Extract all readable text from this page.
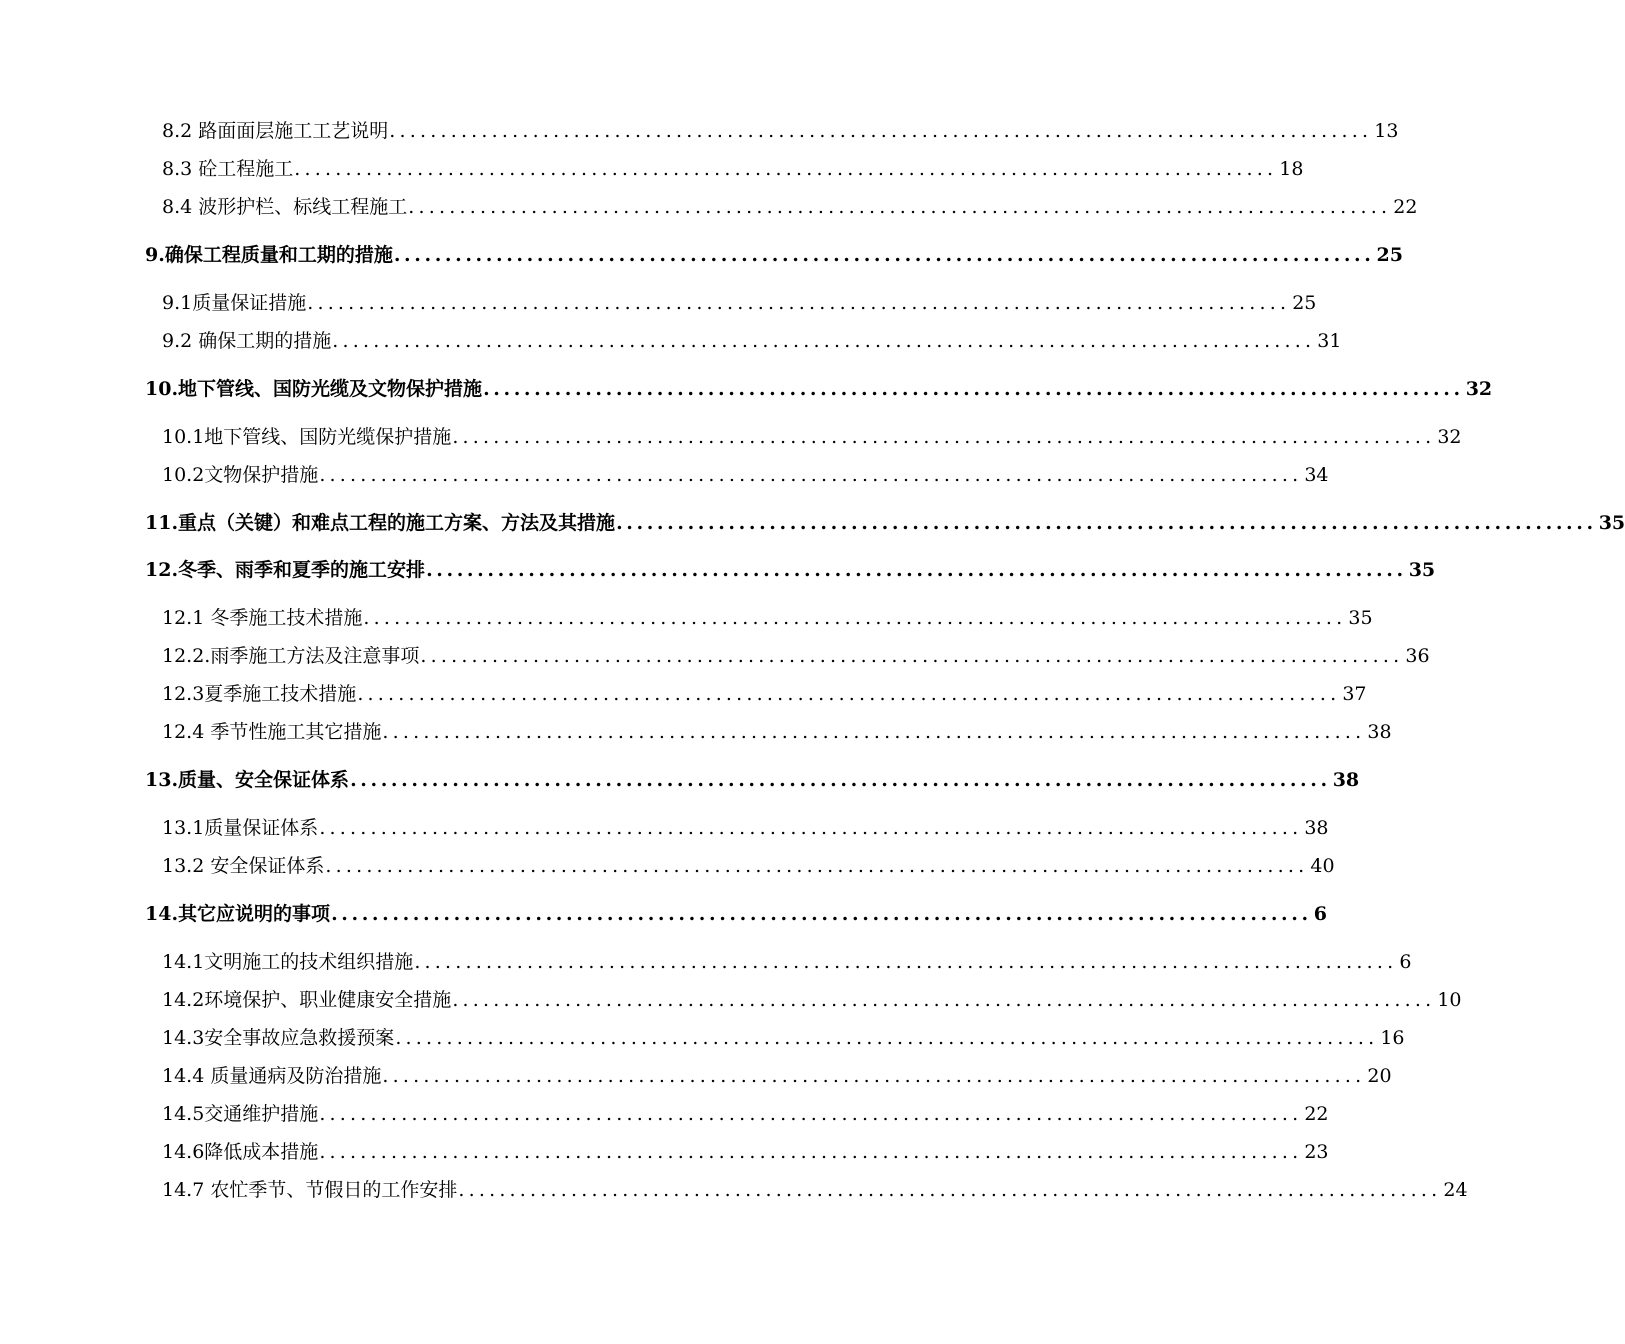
8.2 路面面层施工工艺说明 ................................................................................................ 13
8.3 砼工程施工 ................................................................................................ 18
8.4 波形护栏、标线工程施工 ................................................................................................ 22
9.确保工程质量和工期的措施 ................................................................................................ 25
9.1质量保证措施 ................................................................................................ 25
9.2 确保工期的措施 ................................................................................................ 31
10.地下管线、国防光缆及文物保护措施 ................................................................................................ 32
10.1地下管线、国防光缆保护措施 ................................................................................................ 32
10.2文物保护措施 ................................................................................................ 34
11.重点（关键）和难点工程的施工方案、方法及其措施 ................................................................................................ 35
12.冬季、雨季和夏季的施工安排 ................................................................................................ 35
12.1 冬季施工技术措施 ................................................................................................ 35
12.2.雨季施工方法及注意事项 ................................................................................................ 36
12.3夏季施工技术措施 ................................................................................................ 37
12.4 季节性施工其它措施 ................................................................................................ 38
13.质量、安全保证体系 ................................................................................................ 38
13.1质量保证体系 ................................................................................................ 38
13.2 安全保证体系 ................................................................................................ 40
14.其它应说明的事项 ................................................................................................ 6
14.1文明施工的技术组织措施 ................................................................................................ 6
14.2环境保护、职业健康安全措施 ................................................................................................ 10
14.3安全事故应急救援预案 ................................................................................................ 16
14.4 质量通病及防治措施 ................................................................................................ 20
14.5交通维护措施 ................................................................................................ 22
14.6降低成本措施 ................................................................................................ 23
14.7 农忙季节、节假日的工作安排 ................................................................................................ 24
